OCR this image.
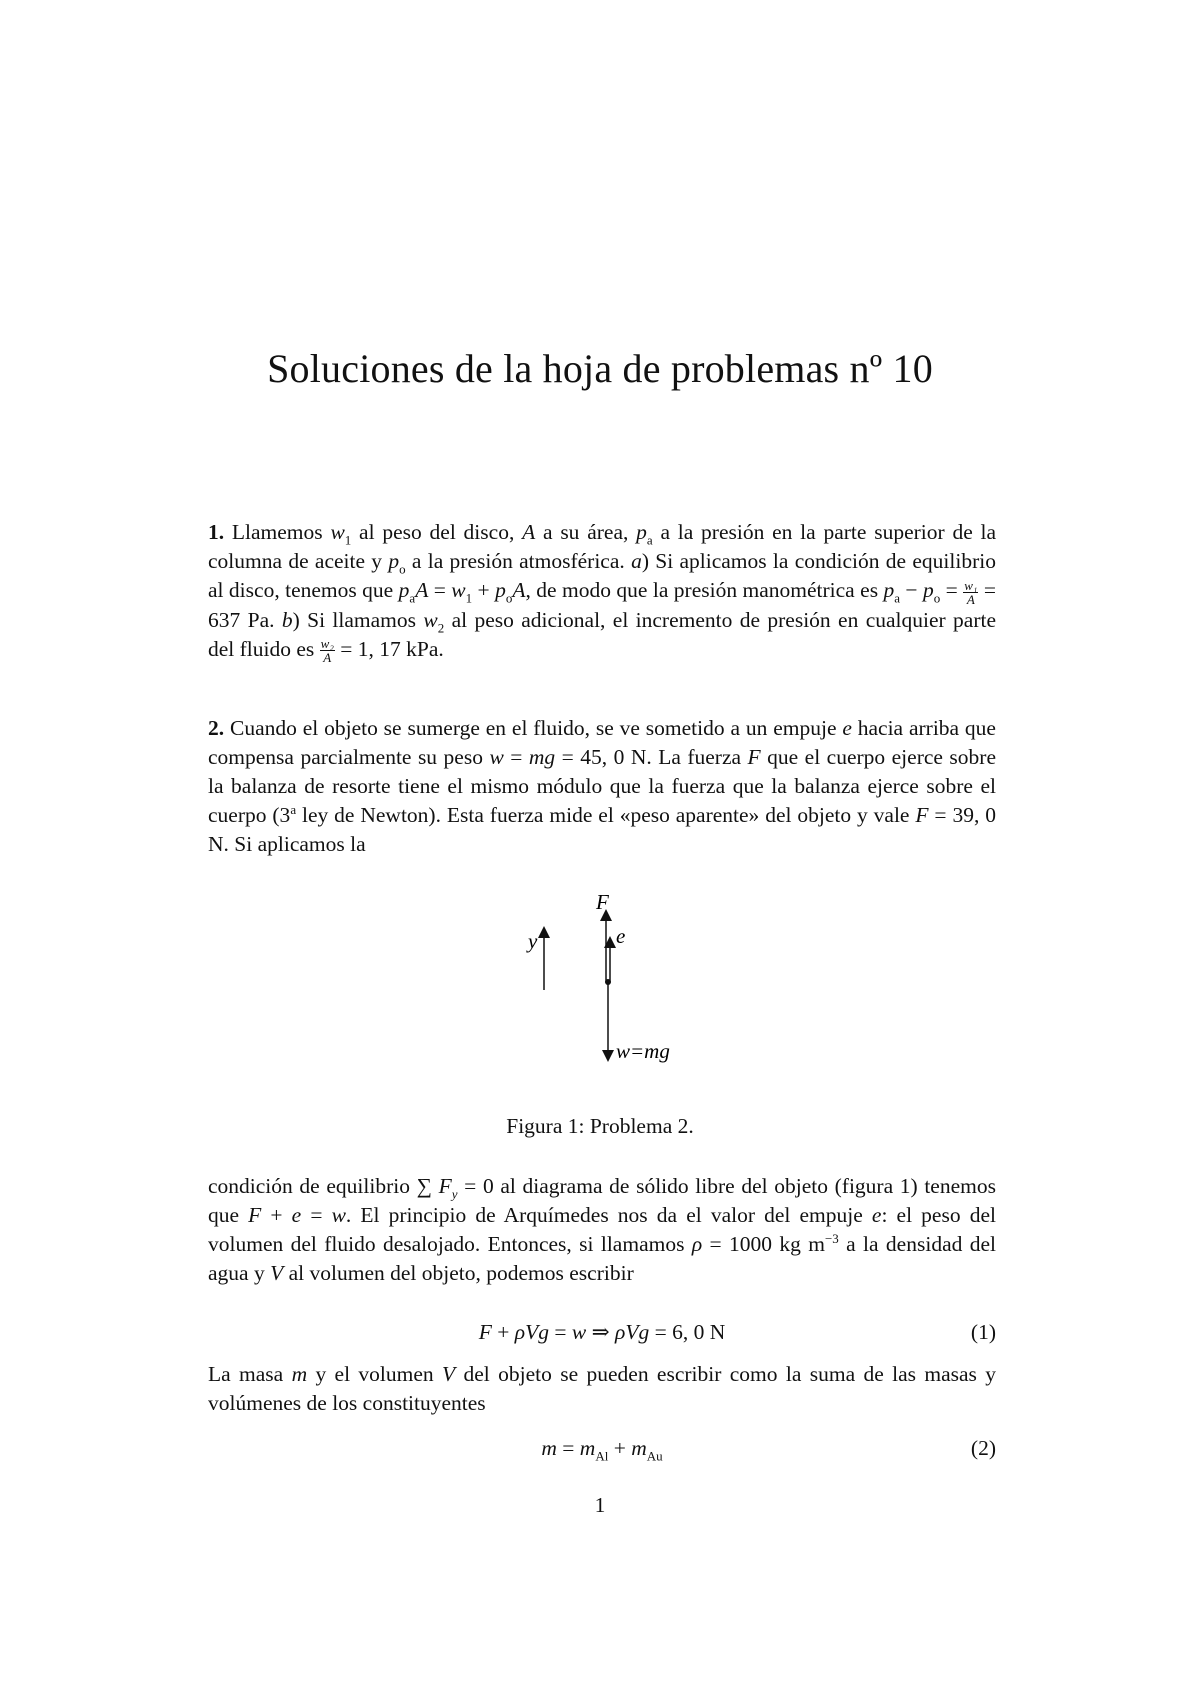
Soluciones de la hoja de problemas nº 10

1. Llamemos $w_1$ al peso del disco, A a su área, $p_a$ a la presión en la parte superior de la columna de aceite y $p_o$ a la presión atmosférica. a) Si aplicamos la condición de equilibrio al disco, tenemos que $p_aA = w_1 + p_oA$, de modo que la presión manométrica es $p_a - p_o = \frac{\text{w₁}}{A} = 637$ Pa. b) Si llamamos $w_2$ al peso adicional, el incremento de presión en cualquier parte del fluido es $\frac{\text{w₂}}{A} = 1$, 17 kPa.

2. Cuando el objeto se sumerge en el fluido, se ve sometido a un empuje e hacia arriba que compensa parcialmente su peso w = mg = 45, 0 N. La fuerza F que el cuerpo ejerce sobre la balanza de resorte tiene el mismo módulo que la fuerza que la balanza ejerce sobre el cuerpo (3$^a$ ley de Newton). Esta fuerza mide el «peso aparente» del objeto y vale F = 39, 0 N. Si aplicamos la

y
F
e
w=mg

Figura 1: Problema 2.

condición de equilibrio ∑ $F_y = 0$ al diagrama de sólido libre del objeto (figura 1) tenemos que F + e = w. El principio de Arquímedes nos da el valor del empuje e: el peso del volumen del fluido desalojado. Entonces, si llamamos ρ = 1000 kg $m^{-3}$ a la densidad del agua y V al volumen del objeto, podemos escribir

F + ρVg = w ⇒ ρVg = 6, 0 N	(1)

La masa m y el volumen V del objeto se pueden escribir como la suma de las masas y volúmenes de los constituyentes

$m = m_{Al} + m_{Au}$	(2)
1
